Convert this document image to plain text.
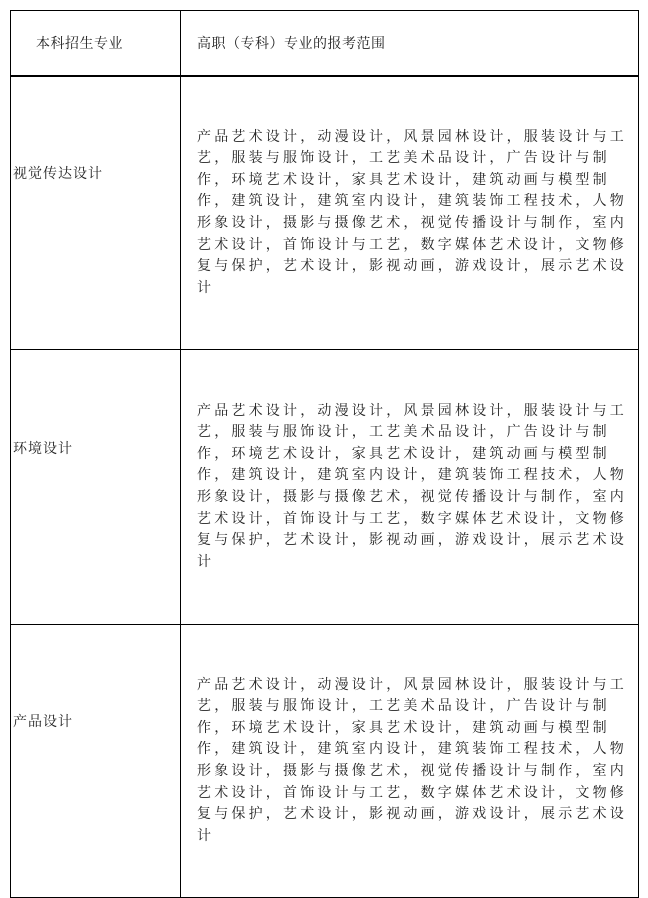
本科招生专业	高职（专科）专业的报考范围
视觉传达设计	产品艺术设计，动漫设计，风景园林设计，服装设计与工艺，服装与服饰设计，工艺美术品设计，广告设计与制作，环境艺术设计，家具艺术设计，建筑动画与模型制作，建筑设计，建筑室内设计，建筑装饰工程技术，人物形象设计，摄影与摄像艺术，视觉传播设计与制作，室内艺术设计，首饰设计与工艺，数字媒体艺术设计，文物修复与保护，艺术设计，影视动画，游戏设计，展示艺术设计
环境设计	产品艺术设计，动漫设计，风景园林设计，服装设计与工艺，服装与服饰设计，工艺美术品设计，广告设计与制作，环境艺术设计，家具艺术设计，建筑动画与模型制作，建筑设计，建筑室内设计，建筑装饰工程技术，人物形象设计，摄影与摄像艺术，视觉传播设计与制作，室内艺术设计，首饰设计与工艺，数字媒体艺术设计，文物修复与保护，艺术设计，影视动画，游戏设计，展示艺术设计
产品设计	产品艺术设计，动漫设计，风景园林设计，服装设计与工艺，服装与服饰设计，工艺美术品设计，广告设计与制作，环境艺术设计，家具艺术设计，建筑动画与模型制作，建筑设计，建筑室内设计，建筑装饰工程技术，人物形象设计，摄影与摄像艺术，视觉传播设计与制作，室内艺术设计，首饰设计与工艺，数字媒体艺术设计，文物修复与保护，艺术设计，影视动画，游戏设计，展示艺术设计
